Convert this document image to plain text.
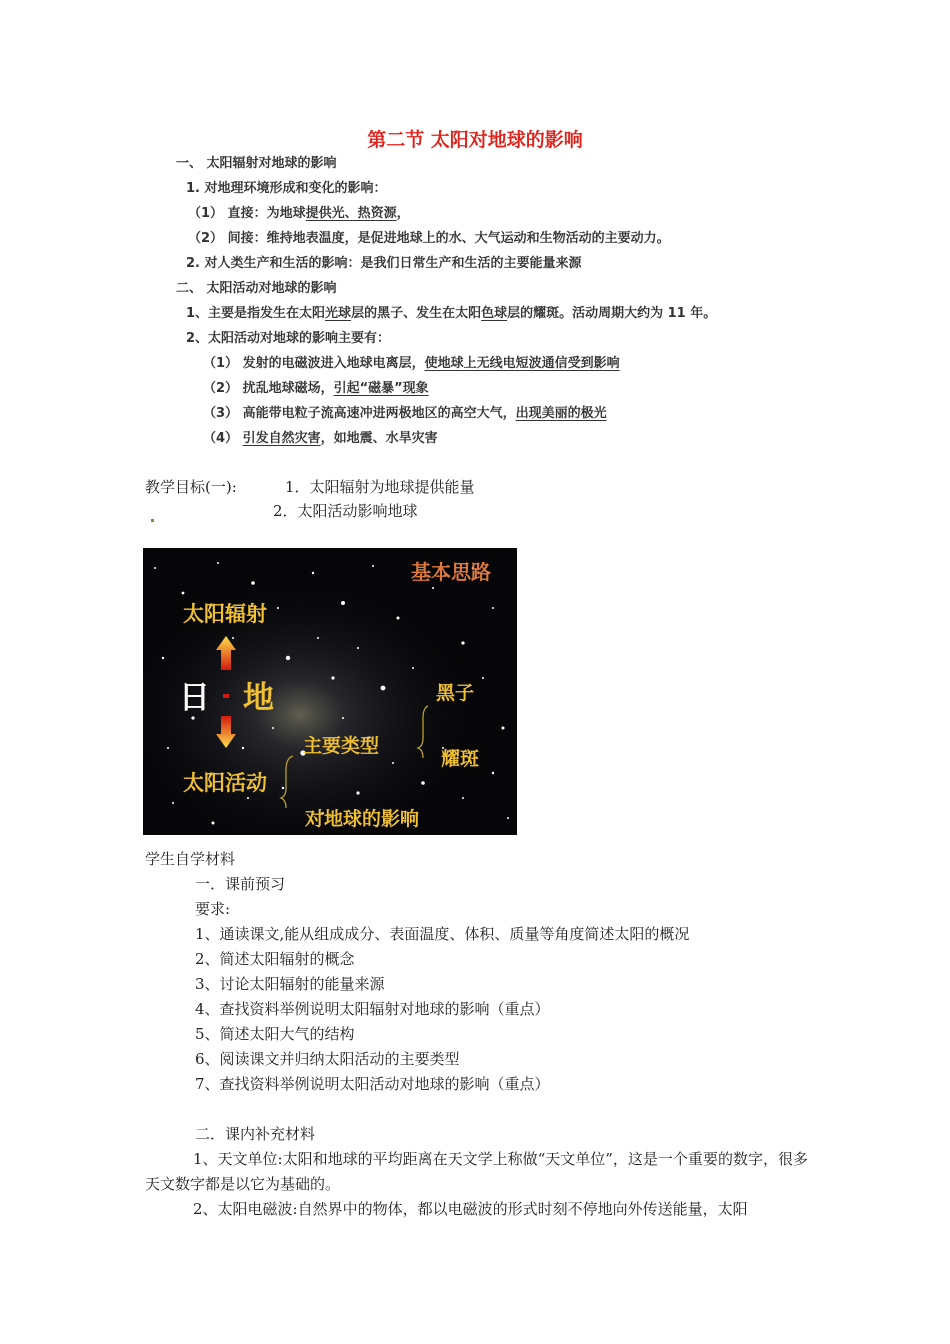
第二节 太阳对地球的影响
一、 太阳辐射对地球的影响
1. 对地理环境形成和变化的影响：
（1） 直接：为地球提供光、热资源，
（2） 间接：维持地表温度，是促进地球上的水、大气运动和生物活动的主要动力。
2. 对人类生产和生活的影响：是我们日常生产和生活的主要能量来源
二、 太阳活动对地球的影响
1、主要是指发生在太阳光球层的黑子、发生在太阳色球层的耀斑。活动周期大约为 11 年。
2、太阳活动对地球的影响主要有：
（1） 发射的电磁波进入地球电离层，使地球上无线电短波通信受到影响
（2） 扰乱地球磁场，引起“磁暴”现象
（3） 高能带电粒子流高速冲进两极地区的高空大气，出现美丽的极光
（4） 引发自然灾害，如地震、水旱灾害
教学目标(一):	1．太阳辐射为地球提供能量
2．太阳活动影响地球
基本思路
太阳辐射
日 地	黑子
主要类型
耀斑
太阳活动
对地球的影响
学生自学材料
一．课前预习
要求:
1、通读课文,能从组成成分、表面温度、体积、质量等角度简述太阳的概况
2、简述太阳辐射的概念
3、讨论太阳辐射的能量来源
4、查找资料举例说明太阳辐射对地球的影响（重点）
5、简述太阳大气的结构
6、阅读课文并归纳太阳活动的主要类型
7、查找资料举例说明太阳活动对地球的影响（重点）
二．课内补充材料
1、天文单位:太阳和地球的平均距离在天文学上称做“天文单位”，这是一个重要的数字，很多天文数字都是以它为基础的。
2、太阳电磁波:自然界中的物体，都以电磁波的形式时刻不停地向外传送能量，太阳
